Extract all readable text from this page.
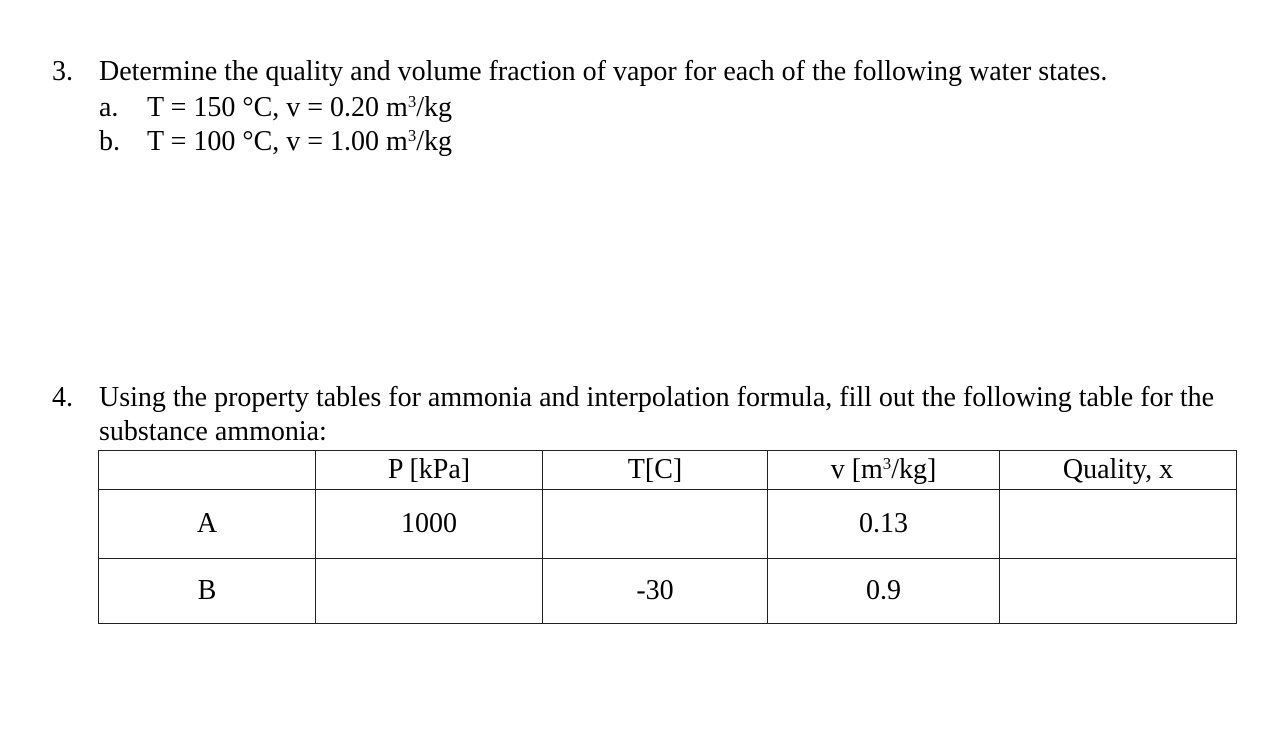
3. Determine the quality and volume fraction of vapor for each of the following water states.
a. T = 150 °C, v = 0.20 $m^3/kg$
b. T = 100 °C, v = 1.00 $m^3/kg$
4. Using the property tables for ammonia and interpolation formula, fill out the following table for the substance ammonia:
	P [kPa]	T[C]	v $[m^3/kg]$	Quality, x
A	1000		0.13	
B		-30	0.9	
